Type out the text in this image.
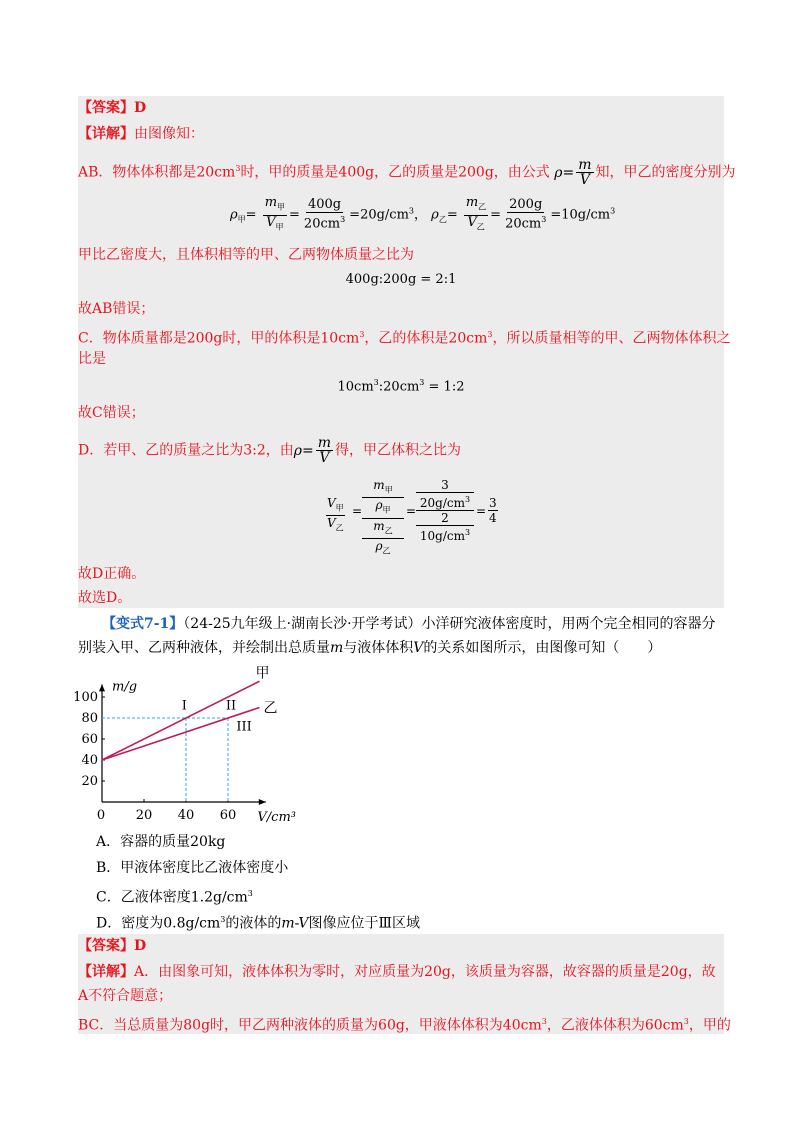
【答案】D
【详解】由图像知：
AB．物体体积都是$20cm^3$时，甲的质量是400g，乙的质量是200g，由公式 $\rho= \frac{m}{V}$ 知，甲乙的密度分别为
$\rho_甲= \frac{m_甲}{V_甲} = \frac{400g}{20cm^3} =20g/cm^3$， $\rho_乙= \frac{m_乙}{V_乙} = \frac{200g}{20cm^3} =10g/cm^3$
甲比乙密度大，且体积相等的甲、乙两物体质量之比为
400g:200g = 2:1
故AB错误；
C．物体质量都是200g时，甲的体积是$10cm^3$，乙的体积是$20cm^3$，所以质量相等的甲、乙两物体体积之
比是
$10cm^3:20cm^3$ = 1:2
故C错误；
D．若甲、乙的质量之比为3:2，由$\rho= \frac{m}{V}$ 得，甲乙体积之比为
$V_甲$
$V_乙$
=
$m_甲$
$\rho_甲$
$m_乙$
$\rho_乙$
=
3
$20g/cm^3$
2
$10g/cm^3$
=
3
4
故D正确。
故选D。
【变式7-1】（24-25九年级上·湖南长沙·开学考试）小洋研究液体密度时，用两个完全相同的容器分
别装入甲、乙两种液体，并绘制出总质量m与液体体积V的关系如图所示，由图像可知（　　）
20
40
60
80
100
0 20 40 60
m/g
V/cm³
甲
乙
I	II
III
A．容器的质量20kg
B．甲液体密度比乙液体密度小
C．乙液体密度$1.2g/cm^3$
D．密度为$0.8g/cm^3$的液体的m-V图像应位于Ⅲ区域
【答案】D
【详解】A．由图象可知，液体体积为零时，对应质量为20g，该质量为容器，故容器的质量是20g，故
A不符合题意；
BC．当总质量为80g时，甲乙两种液体的质量为60g，甲液体体积为$40cm^3$，乙液体体积为$60cm^3$，甲的
